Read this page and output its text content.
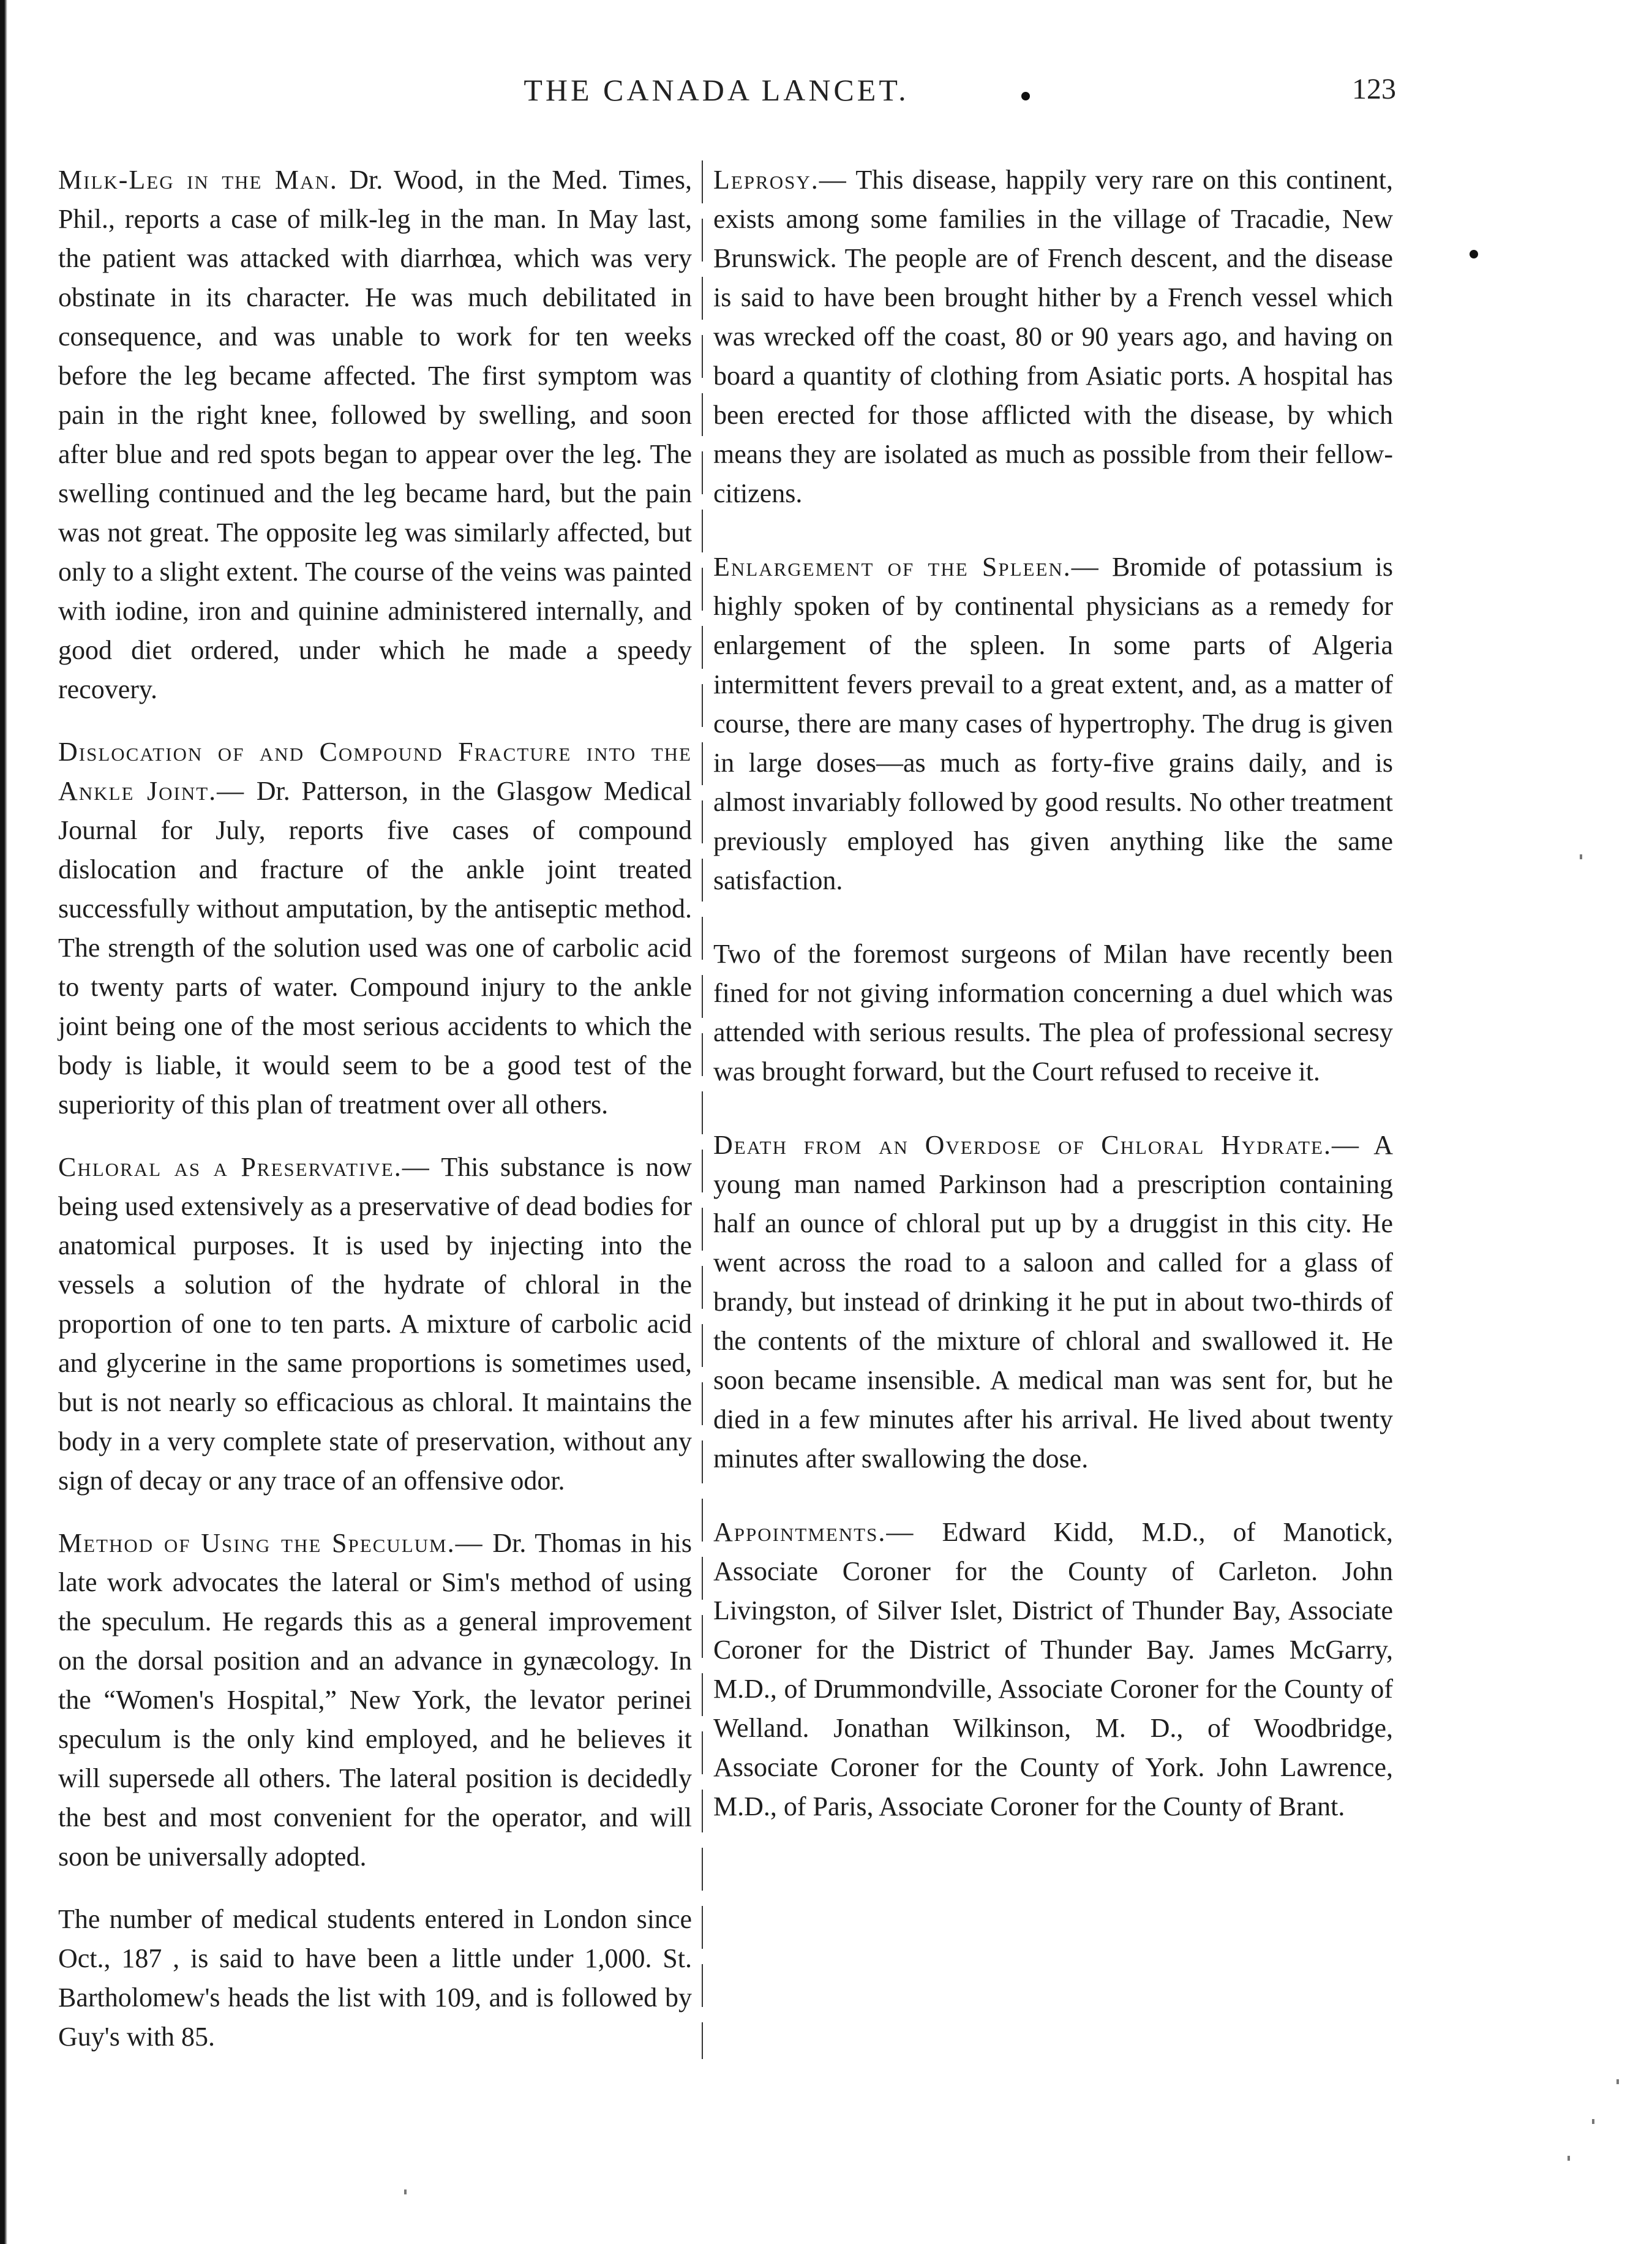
THE CANADA LANCET.	123

Milk-Leg in the Man. Dr. Wood, in the Med. Times, Phil., reports a case of milk-leg in the man. In May last, the patient was attacked with diarrhœa, which was very obstinate in its character. He was much debilitated in consequence, and was unable to work for ten weeks before the leg became affected. The first symptom was pain in the right knee, followed by swelling, and soon after blue and red spots began to appear over the leg. The swelling continued and the leg became hard, but the pain was not great. The opposite leg was similarly affected, but only to a slight extent. The course of the veins was painted with iodine, iron and quinine administered internally, and good diet ordered, under which he made a speedy recovery.

Dislocation of and Compound Fracture into the Ankle Joint.— Dr. Patterson, in the Glasgow Medical Journal for July, reports five cases of compound dislocation and fracture of the ankle joint treated successfully without amputation, by the antiseptic method. The strength of the solution used was one of carbolic acid to twenty parts of water. Compound injury to the ankle joint being one of the most serious accidents to which the body is liable, it would seem to be a good test of the superiority of this plan of treatment over all others.

Chloral as a Preservative.— This substance is now being used extensively as a preservative of dead bodies for anatomical purposes. It is used by injecting into the vessels a solution of the hydrate of chloral in the proportion of one to ten parts. A mixture of carbolic acid and glycerine in the same proportions is sometimes used, but is not nearly so efficacious as chloral. It maintains the body in a very complete state of preservation, without any sign of decay or any trace of an offensive odor.

Method of Using the Speculum.— Dr. Thomas in his late work advocates the lateral or Sim's method of using the speculum. He regards this as a general improvement on the dorsal position and an advance in gynæcology. In the “Women's Hospital,” New York, the levator perinei speculum is the only kind employed, and he believes it will supersede all others. The lateral position is decidedly the best and most convenient for the operator, and will soon be universally adopted.

The number of medical students entered in London since Oct., 187 , is said to have been a little under 1,000. St. Bartholomew's heads the list with 109, and is followed by Guy's with 85.

Leprosy.— This disease, happily very rare on this continent, exists among some families in the village of Tracadie, New Brunswick. The people are of French descent, and the disease is said to have been brought hither by a French vessel which was wrecked off the coast, 80 or 90 years ago, and having on board a quantity of clothing from Asiatic ports. A hospital has been erected for those afflicted with the disease, by which means they are isolated as much as possible from their fellow-citizens.

Enlargement of the Spleen.— Bromide of potassium is highly spoken of by continental physicians as a remedy for enlargement of the spleen. In some parts of Algeria intermittent fevers prevail to a great extent, and, as a matter of course, there are many cases of hypertrophy. The drug is given in large doses—as much as forty-five grains daily, and is almost invariably followed by good results. No other treatment previously employed has given anything like the same satisfaction.

Two of the foremost surgeons of Milan have recently been fined for not giving information concerning a duel which was attended with serious results. The plea of professional secresy was brought forward, but the Court refused to receive it.

Death from an Overdose of Chloral Hydrate.— A young man named Parkinson had a prescription containing half an ounce of chloral put up by a druggist in this city. He went across the road to a saloon and called for a glass of brandy, but instead of drinking it he put in about two-thirds of the contents of the mixture of chloral and swallowed it. He soon became insensible. A medical man was sent for, but he died in a few minutes after his arrival. He lived about twenty minutes after swallowing the dose.

Appointments.— Edward Kidd, M.D., of Manotick, Associate Coroner for the County of Carleton. John Livingston, of Silver Islet, District of Thunder Bay, Associate Coroner for the District of Thunder Bay. James McGarry, M.D., of Drummondville, Associate Coroner for the County of Welland. Jonathan Wilkinson, M. D., of Woodbridge, Associate Coroner for the County of York. John Lawrence, M.D., of Paris, Associate Coroner for the County of Brant.
